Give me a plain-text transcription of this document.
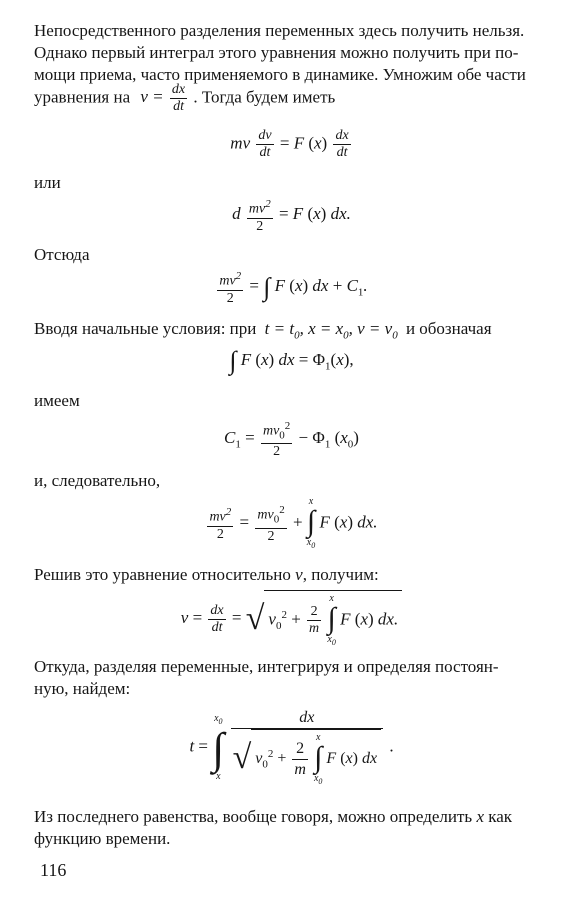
Непосредственного разделения переменных здесь получить нельзя.

Однако первый интеграл этого уравнения можно получить при по-

мощи приема, часто применяемого в динамике. Умножим обе части

уравнения на $v = \frac{dx}{dt}$ . Тогда будем иметь
mv $\frac{dv}{dt} = F$ $(x) \frac{dx}{dt}$

или

d $\frac{mv^2}{2} = F$ (x) dx.

Отсюда

$\frac{mv^2}{2}$ = ∫ F (x) dx + $C_1$.
Вводя начальные условия: при $t = t_0$, $x = x_0$, $v = v_0$ и обозначая
∫ F (x) dx = $\Phi_1(x)$,

имеем

$C_1 = \frac{mv_0^2}{2} - \Phi_1$ $(x_0)$

и, следовательно,

$\frac{mv^2}{2} = \frac{mv_0^2}{2}$ +
x
∫
$x_0$
F (x) dx.
Решив это уравнение относительно v, получим:
$v = \frac{dx}{dt} = √v_0^2 + \frac{2}{m}$

x
∫
$x_0$
F (x) dx.

Откуда, разделяя переменные, интегрируя и определяя постоян-

ную, найдем:

t =
$x_0$
∫
x

dx
$√v_0^2 + \frac{2}{m}$

x
∫
$x_0$
F (x) dx
.
Из последнего равенства, вообще говоря, можно определить x как

функцию времени.

116
